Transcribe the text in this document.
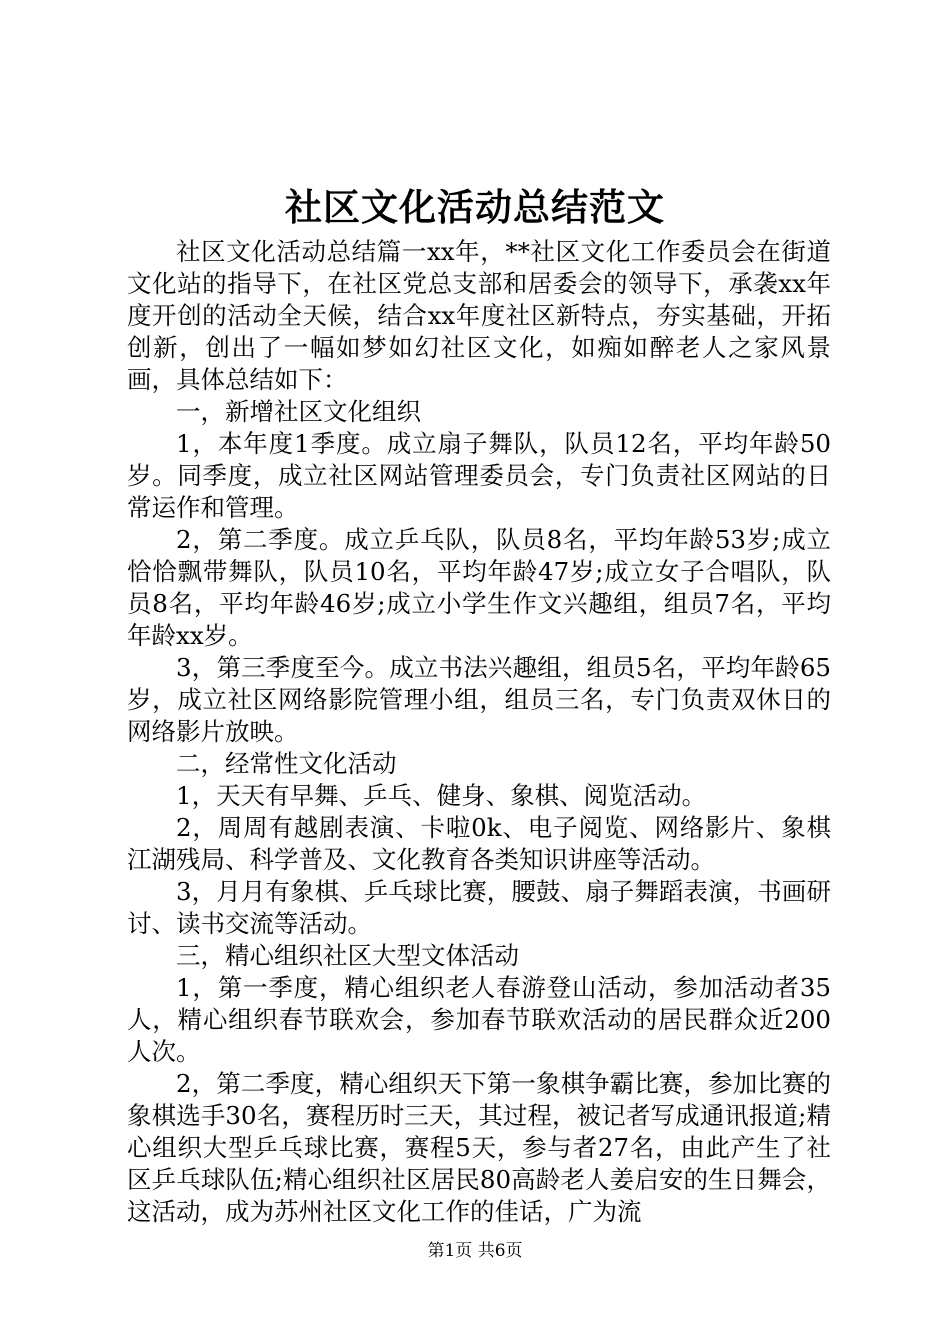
社区文化活动总结范文

社区文化活动总结篇一xx年，**社区文化工作委员会在街道文化站的指导下，在社区党总支部和居委会的领导下，承袭xx年度开创的活动全天候，结合xx年度社区新特点，夯实基础，开拓创新，创出了一幅如梦如幻社区文化，如痴如醉老人之家风景画，具体总结如下：

一，新增社区文化组织

1，本年度1季度。成立扇子舞队，队员12名，平均年龄50岁。同季度，成立社区网站管理委员会，专门负责社区网站的日常运作和管理。

2，第二季度。成立乒乓队，队员8名，平均年龄53岁;成立恰恰飘带舞队，队员10名，平均年龄47岁;成立女子合唱队，队员8名，平均年龄46岁;成立小学生作文兴趣组，组员7名，平均年龄xx岁。

3，第三季度至今。成立书法兴趣组，组员5名，平均年龄65岁，成立社区网络影院管理小组，组员三名，专门负责双休日的网络影片放映。

二，经常性文化活动

1，天天有早舞、乒乓、健身、象棋、阅览活动。

2，周周有越剧表演、卡啦0k、电子阅览、网络影片、象棋江湖残局、科学普及、文化教育各类知识讲座等活动。

3，月月有象棋、乒乓球比赛，腰鼓、扇子舞蹈表演，书画研讨、读书交流等活动。

三，精心组织社区大型文体活动

1，第一季度，精心组织老人春游登山活动，参加活动者35人，精心组织春节联欢会，参加春节联欢活动的居民群众近200人次。

2，第二季度，精心组织天下第一象棋争霸比赛，参加比赛的象棋选手30名，赛程历时三天，其过程，被记者写成通讯报道;精心组织大型乒乓球比赛，赛程5天，参与者27名，由此产生了社区乒乓球队伍;精心组织社区居民80高龄老人姜启安的生日舞会，这活动，成为苏州社区文化工作的佳话，广为流

第1页 共6页
